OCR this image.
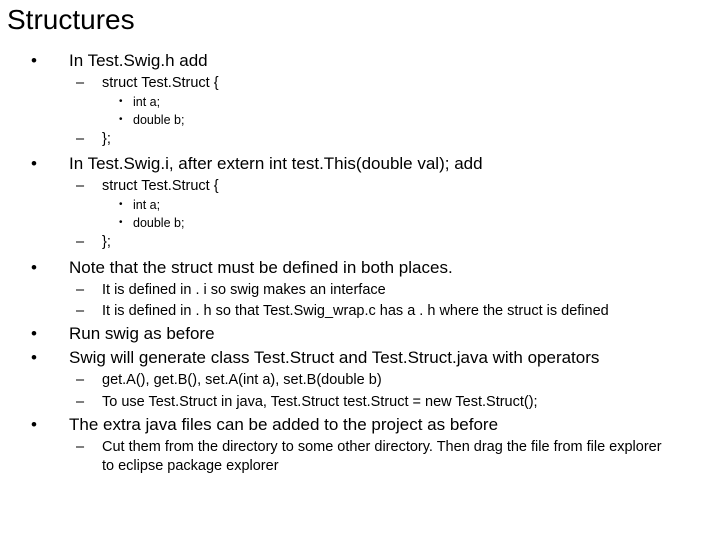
Structures
• In Test.Swig.h add
– struct Test.Struct {
• int a;
• double b;
– };
• In Test.Swig.i, after extern int test.This(double val); add
– struct Test.Struct {
• int a;
• double b;
– };
• Note that the struct must be defined in both places.
– It is defined in . i so swig makes an interface
– It is defined in . h so that Test.Swig_wrap.c has a . h where the struct is defined
• Run swig as before
• Swig will generate class Test.Struct and Test.Struct.java with operators
– get.A(), get.B(), set.A(int a), set.B(double b)
– To use Test.Struct in java, Test.Struct test.Struct = new Test.Struct();
• The extra java files can be added to the project as before
– Cut them from the directory to some other directory. Then drag the file from file explorer to eclipse package explorer
